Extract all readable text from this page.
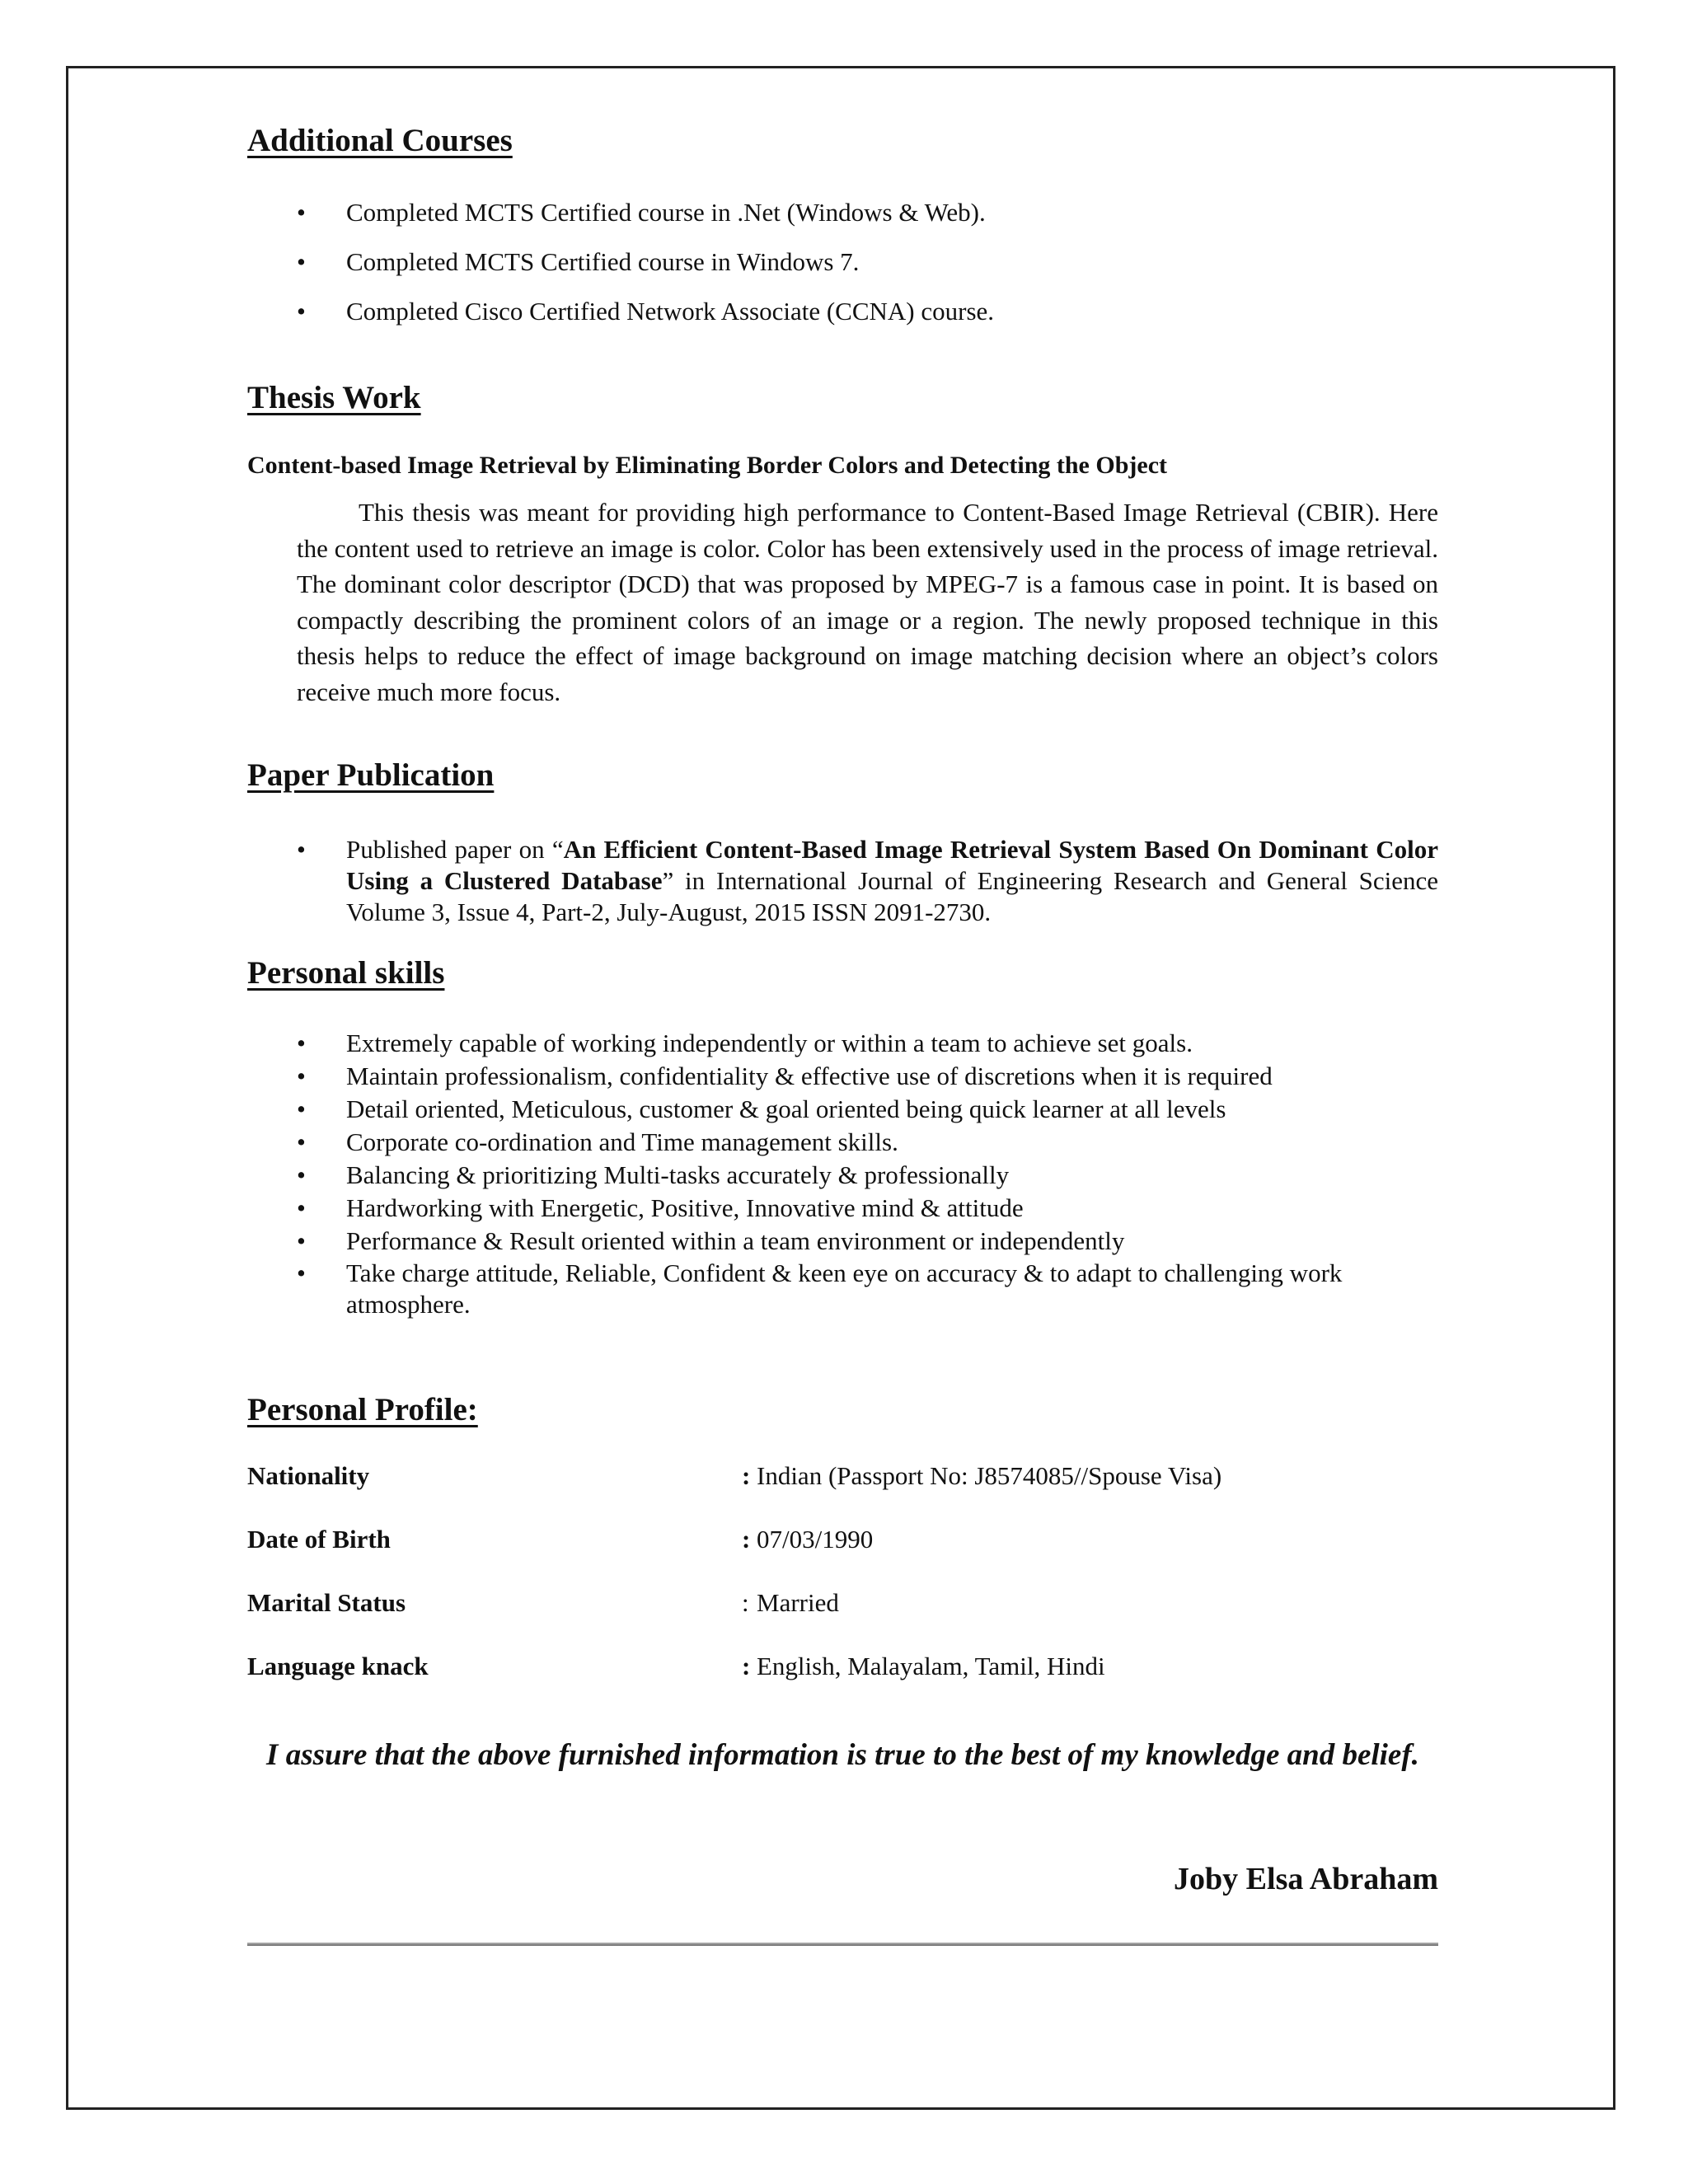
Additional Courses
• Completed MCTS Certified course in .Net (Windows & Web).
• Completed MCTS Certified course in Windows 7.
• Completed Cisco Certified Network Associate (CCNA) course.
Thesis Work

Content-based Image Retrieval by Eliminating Border Colors and Detecting the Object

This thesis was meant for providing high performance to Content-Based Image Retrieval (CBIR). Here the content used to retrieve an image is color. Color has been extensively used in the process of image retrieval. The dominant color descriptor (DCD) that was proposed by MPEG-7 is a famous case in point. It is based on compactly describing the prominent colors of an image or a region. The newly proposed technique in this thesis helps to reduce the effect of image background on image matching decision where an object’s colors receive much more focus.

Paper Publication
• Published paper on “An Efficient Content-Based Image Retrieval System Based On Dominant Color Using a Clustered Database” in International Journal of Engineering Research and General Science Volume 3, Issue 4, Part-2, July-August, 2015 ISSN 2091-2730.
Personal skills
• Extremely capable of working independently or within a team to achieve set goals.
• Maintain professionalism, confidentiality & effective use of discretions when it is required
• Detail oriented, Meticulous, customer & goal oriented being quick learner at all levels
• Corporate co-ordination and Time management skills.
• Balancing & prioritizing Multi-tasks accurately & professionally
• Hardworking with Energetic, Positive, Innovative mind & attitude
• Performance & Result oriented within a team environment or independently
• Take charge attitude, Reliable, Confident & keen eye on accuracy & to adapt to challenging work atmosphere.
Personal Profile:
Nationality	: Indian (Passport No: J8574085//Spouse Visa)
Date of Birth	: 07/03/1990
Marital Status	: Married
Language knack	: English, Malayalam, Tamil, Hindi

I assure that the above furnished information is true to the best of my knowledge and belief.

Joby Elsa Abraham
